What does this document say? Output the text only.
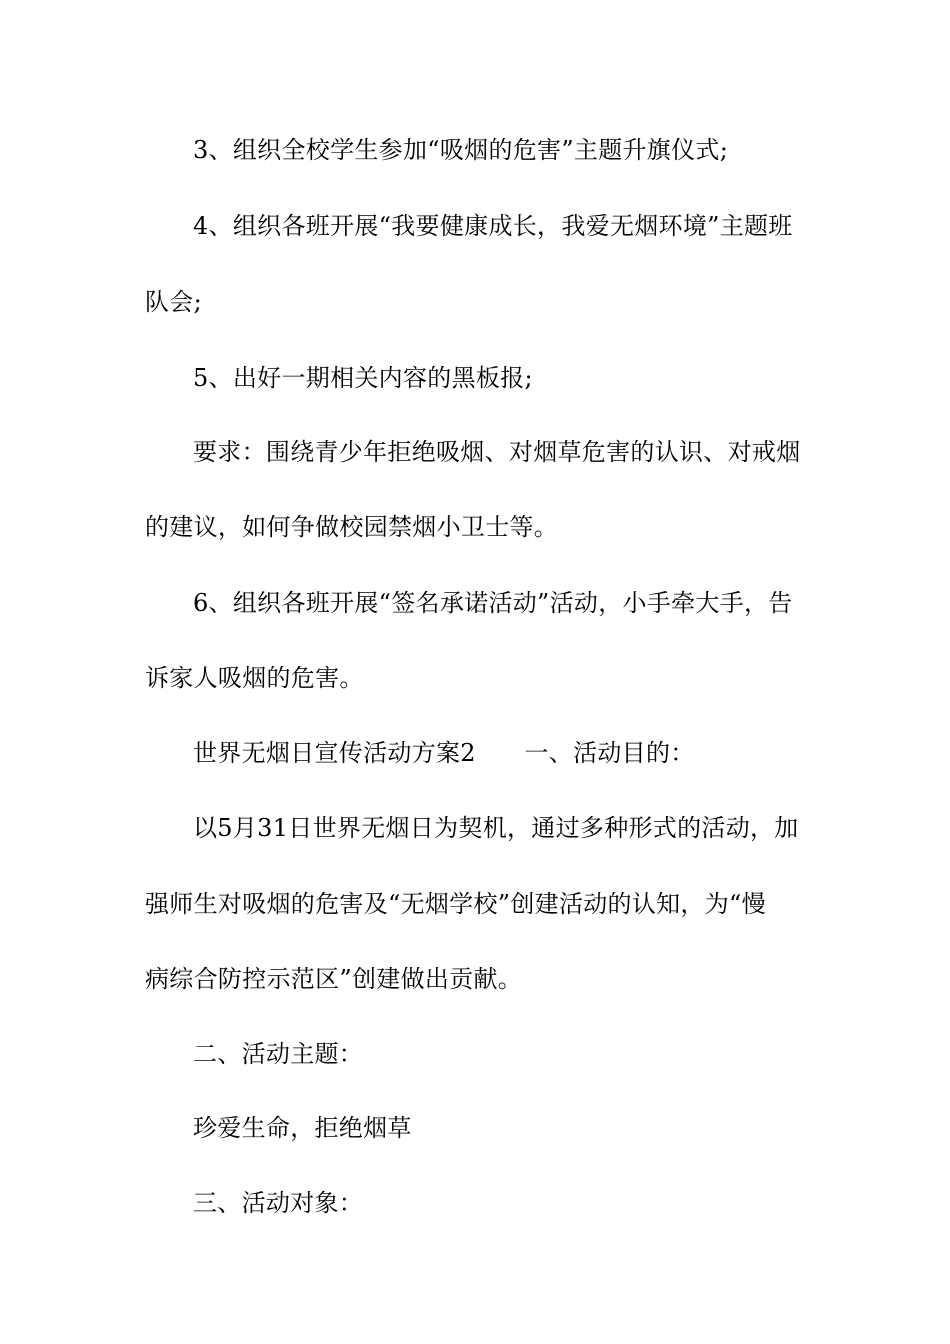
3、组织全校学生参加“吸烟的危害”主题升旗仪式;
4、组织各班开展“我要健康成长，我爱无烟环境”主题班
队会;
5、出好一期相关内容的黑板报;
要求：围绕青少年拒绝吸烟、对烟草危害的认识、对戒烟
的建议，如何争做校园禁烟小卫士等。
6、组织各班开展“签名承诺活动”活动，小手牵大手，告
诉家人吸烟的危害。
世界无烟日宣传活动方案2　　一、活动目的：
以5月31日世界无烟日为契机，通过多种形式的活动，加
强师生对吸烟的危害及“无烟学校”创建活动的认知，为“慢
病综合防控示范区”创建做出贡献。
二、活动主题：
珍爱生命，拒绝烟草
三、活动对象：
